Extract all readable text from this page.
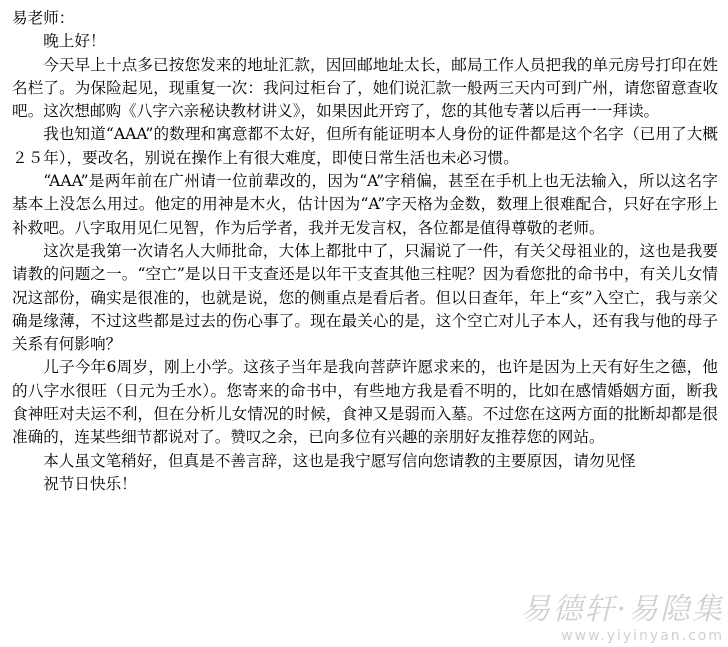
易老师：

晚上好！

今天早上十点多已按您发来的地址汇款，因回邮地址太长，邮局工作人员把我的单元房号打印在姓名栏了。为保险起见，现重复一次：我问过柜台了，她们说汇款一般两三天内可到广州，请您留意查收吧。这次想邮购《八字六亲秘诀教材讲义》，如果因此开窍了，您的其他专著以后再一一拜读。

我也知道“AAA”的数理和寓意都不太好，但所有能证明本人身份的证件都是这个名字（已用了大概２５年），要改名，别说在操作上有很大难度，即使日常生活也未必习惯。

“AAA”是两年前在广州请一位前辈改的，因为“A”字稍偏，甚至在手机上也无法输入，所以这名字基本上没怎么用过。他定的用神是木火，估计因为“A”字天格为金数，数理上很难配合，只好在字形上补救吧。八字取用见仁见智，作为后学者，我并无发言权，各位都是值得尊敬的老师。

这次是我第一次请名人大师批命，大体上都批中了，只漏说了一件，有关父母祖业的，这也是我要请教的问题之一。“空亡”是以日干支查还是以年干支查其他三柱呢？因为看您批的命书中，有关儿女情况这部份，确实是很准的，也就是说，您的侧重点是看后者。但以日查年，年上“亥”入空亡，我与亲父确是缘薄，不过这些都是过去的伤心事了。现在最关心的是，这个空亡对儿子本人，还有我与他的母子关系有何影响？

儿子今年6周岁，刚上小学。这孩子当年是我向菩萨许愿求来的，也许是因为上天有好生之德，他的八字水很旺（日元为壬水）。您寄来的命书中，有些地方我是看不明的，比如在感情婚姻方面，断我食神旺对夫运不利，但在分析儿女情况的时候，食神又是弱而入墓。不过您在这两方面的批断却都是很准确的，连某些细节都说对了。赞叹之余，已向多位有兴趣的亲朋好友推荐您的网站。

本人虽文笔稍好，但真是不善言辞，这也是我宁愿写信向您请教的主要原因，请勿见怪

祝节日快乐！

易德轩·易隐集
www.yiyinyan.com
